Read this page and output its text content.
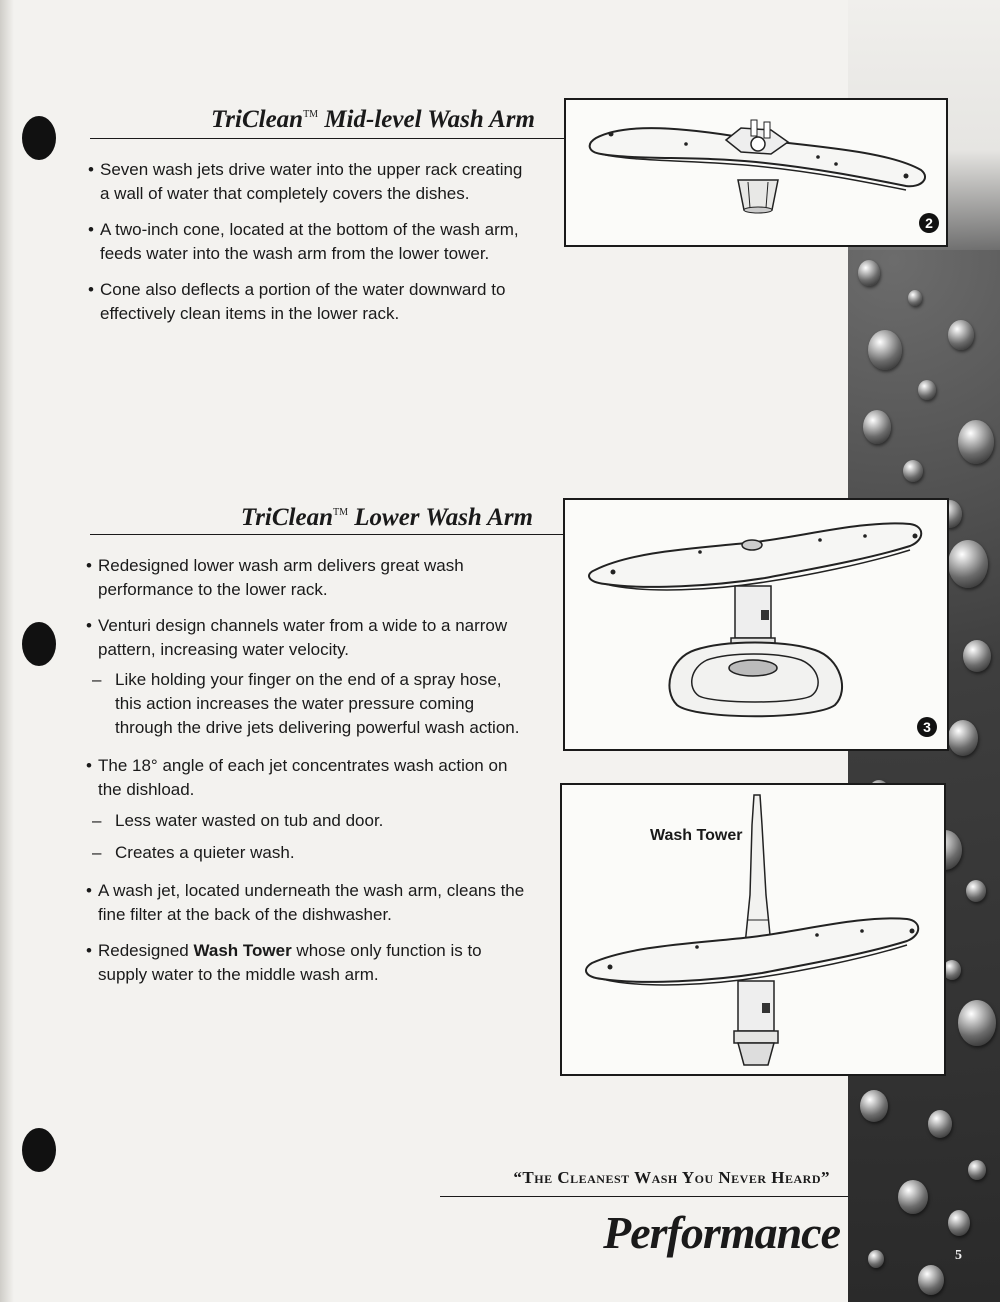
5
TriClean™ Mid-level Wash Arm
• Seven wash jets drive water into the upper rack creating a wall of water that completely covers the dishes.
• A two-inch cone, located at the bottom of the wash arm, feeds water into the wash arm from the lower tower.
• Cone also deflects a portion of the water downward to effectively clean items in the lower rack.
2
TriClean™ Lower Wash Arm
• Redesigned lower wash arm delivers great wash performance to the lower rack.
• Venturi design channels water from a wide to a narrow pattern, increasing water velocity.
– Like holding your finger on the end of a spray hose, this action increases the water pressure coming through the drive jets delivering powerful wash action.
• The 18° angle of each jet concentrates wash action on the dishload.
– Less water wasted on tub and door.
– Creates a quieter wash.
• A wash jet, located underneath the wash arm, cleans the fine filter at the back of the dishwasher.
• Redesigned Wash Tower whose only function is to supply water to the middle wash arm.
3
Wash Tower
“The Cleanest Wash You Never Heard”
Performance
